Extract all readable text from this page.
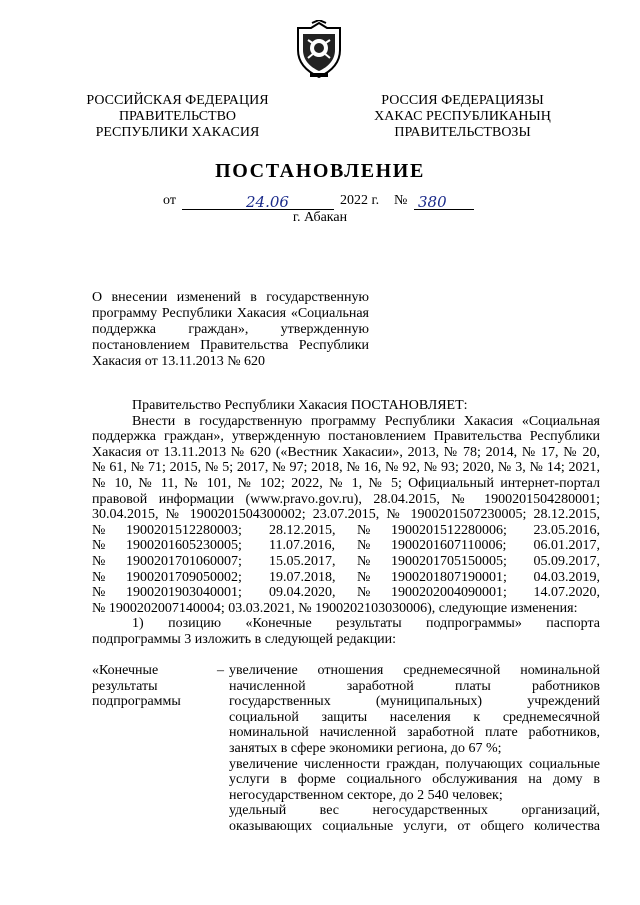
РОССИЙСКАЯ ФЕДЕРАЦИЯ
ПРАВИТЕЛЬСТВО
РЕСПУБЛИКИ ХАКАСИЯ
РОССИЯ ФЕДЕРАЦИЯЗЫ
ХАКАС РЕСПУБЛИКАНЫҢ
ПРАВИТЕЛЬСТВОЗЫ
ПОСТАНОВЛЕНИЕ
от	24.06	2022 г. № 380
г. Абакан
О внесении изменений в государственную
программу Республики Хакасия «Социальная
поддержка граждан», утвержденную
постановлением Правительства Республики
Хакасия от 13.11.2013 № 620
Правительство Республики Хакасия ПОСТАНОВЛЯЕТ:
Внести в государственную программу Республики Хакасия «Социальная
поддержка граждан», утвержденную постановлением Правительства Республики
Хакасия от 13.11.2013 № 620 («Вестник Хакасии», 2013, № 78; 2014, № 17, № 20,
№ 61, № 71; 2015, № 5; 2017, № 97; 2018, № 16, № 92, № 93; 2020, № 3, № 14; 2021,
№ 10, № 11, № 101, № 102; 2022, № 1, № 5; Официальный интернет-портал
правовой информации (www.pravo.gov.ru), 28.04.2015, № 1900201504280001;
30.04.2015, № 1900201504300002; 23.07.2015, № 1900201507230005; 28.12.2015,
№ 1900201512280003; 28.12.2015, № 1900201512280006; 23.05.2016,
№ 1900201605230005; 11.07.2016, № 1900201607110006; 06.01.2017,
№ 1900201701060007; 15.05.2017, № 1900201705150005; 05.09.2017,
№ 1900201709050002; 19.07.2018, № 1900201807190001; 04.03.2019,
№ 1900201903040001; 09.04.2020, № 1900202004090001; 14.07.2020,
№ 1900202007140004; 03.03.2021, № 1900202103030006), следующие изменения:
1) позицию «Конечные результаты подпрограммы» паспорта
подпрограммы 3 изложить в следующей редакции:
«Конечные
результаты
подпрограммы
– увеличение отношения среднемесячной номинальной
начисленной заработной платы работников
государственных (муниципальных) учреждений
социальной защиты населения к среднемесячной
номинальной начисленной заработной плате работников,
занятых в сфере экономики региона, до 67 %;
увеличение численности граждан, получающих социальные
услуги в форме социального обслуживания на дому в
негосударственном секторе, до 2 540 человек;
удельный вес негосударственных организаций,
оказывающих социальные услуги, от общего количества
